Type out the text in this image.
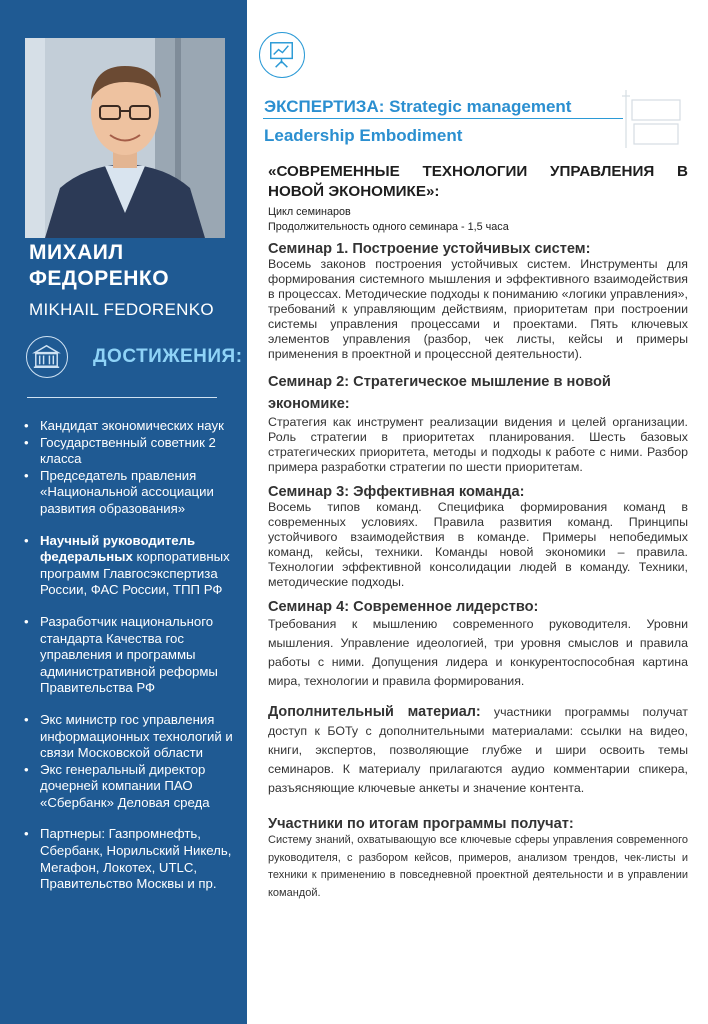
МИХАИЛ
ФЕДОРЕНКО
MIKHAIL FEDORENKO
ДОСТИЖЕНИЯ:
• Кандидат экономических наук
• Государственный советник 2 класса
• Председатель правления «Национальной ассоциации развития образования»
• Научный руководитель федеральных корпоративных программ Главгосэкспертиза России, ФАС России, ТПП РФ
• Разработчик национального стандарта Качества гос управления и программы административной реформы Правительства РФ
• Экс министр гос управления информационных технологий и связи Московской области
• Экс генеральный директор дочерней компании ПАО «Сбербанк» Деловая среда
• Партнеры: Газпромнефть, Сбербанк, Норильский Никель, Мегафон, Локотех, UTLC, Правительство Москвы и пр.
ЭКСПЕРТИЗА: Strategic management
Leadership Embodiment
«СОВРЕМЕННЫЕ ТЕХНОЛОГИИ УПРАВЛЕНИЯ В НОВОЙ ЭКОНОМИКЕ»:
Цикл семинаров
Продолжительность одного семинара - 1,5 часа
Семинар 1. Построение устойчивых систем:

Восемь законов построения устойчивых систем. Инструменты для формирования системного мышления и эффективного взаимодействия в процессах. Методические подходы к пониманию «логики управления», требований к управляющим действиям, приоритетам при построении системы управления процессами и проектами. Пять ключевых элементов управления (разбор, чек листы, кейсы и примеры применения в проектной и процессной деятельности).

Семинар 2: Стратегическое мышление в новой экономике:

Стратегия как инструмент реализации видения и целей организации. Роль стратегии в приоритетах планирования. Шесть базовых стратегических приоритета, методы и подходы к работе с ними. Разбор примера разработки стратегии по шести приоритетам.

Семинар 3: Эффективная команда:

Восемь типов команд. Специфика формирования команд в современных условиях. Правила развития команд. Принципы устойчивого взаимодействия в команде. Примеры непобедимых команд, кейсы, техники. Команды новой экономики – правила. Технологии эффективной консолидации людей в команду. Техники, методические подходы.

Семинар 4: Современное лидерство:

Требования к мышлению современного руководителя. Уровни мышления. Управление идеологией, три уровня смыслов и правила работы с ними. Допущения лидера и конкурентоспособная картина мира, технологии и правила формирования.

Дополнительный материал: участники программы получат доступ к БОТу с дополнительными материалами: ссылки на видео, книги, экспертов, позволяющие глубже и шири освоить темы семинаров. К материалу прилагаются аудио комментарии спикера, разъясняющие ключевые анкеты и значение контента.

Участники по итогам программы получат:

Систему знаний, охватывающую все ключевые сферы управления современного руководителя, с разбором кейсов, примеров, анализом трендов, чек-листы и техники к применению в повседневной проектной деятельности и в управлении командой.
